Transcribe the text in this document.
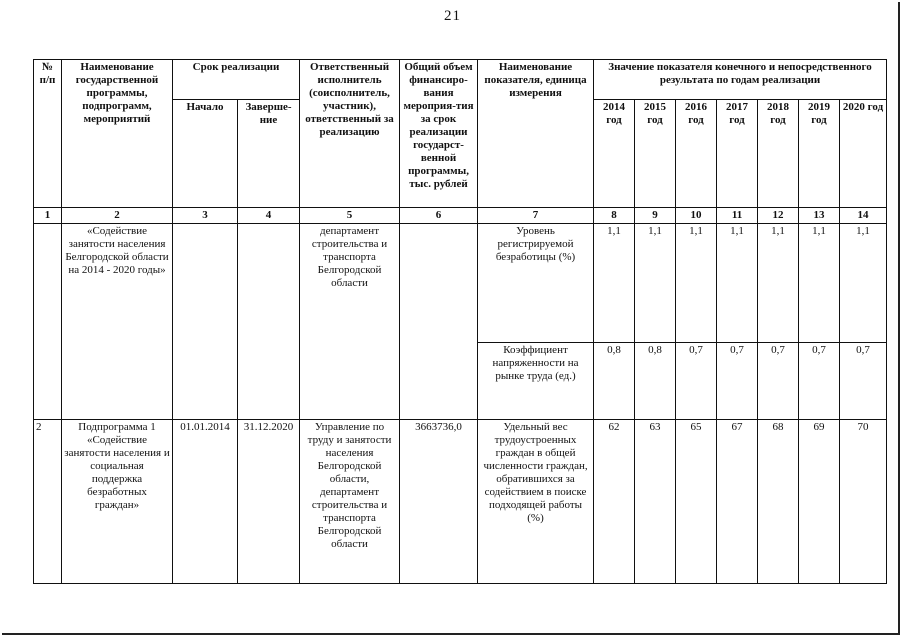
21
№ п/п	Наименование государственной программы, подпрограмм, мероприятий	Срок реализации		Ответственный исполнитель (соисполнитель, участник), ответственный за реализацию	Общий объем финансиро-вания мероприя-тия за срок реализации государст-венной программы, тыс. рублей	Наименование показателя, единица измерения	Значение показателя конечного и непосредственного результата по годам реализации						
		Начало	Заверше-ние				2014 год	2015 год	2016 год	2017 год	2018 год	2019 год	2020 год
1	2	3	4	5	6	7	8	9	10	11	12	13	14
	«Содействие занятости населения Белгородской области на 2014 - 2020 годы»			департамент строительства и транспорта Белгородской области		Уровень регистрируемой безработицы (%)	1,1	1,1	1,1	1,1	1,1	1,1	1,1
						Коэффициент напряженности на рынке труда (ед.)	0,8	0,8	0,7	0,7	0,7	0,7	0,7
2	Подпрограмма 1 «Содействие занятости населения и социальная поддержка безработных граждан»	01.01.2014	31.12.2020	Управление по труду и занятости населения Белгородской области, департамент строительства и транспорта Белгородской области	3663736,0	Удельный вес трудоустроенных граждан в общей численности граждан, обратившихся за содействием в поиске подходящей работы (%)	62	63	65	67	68	69	70
